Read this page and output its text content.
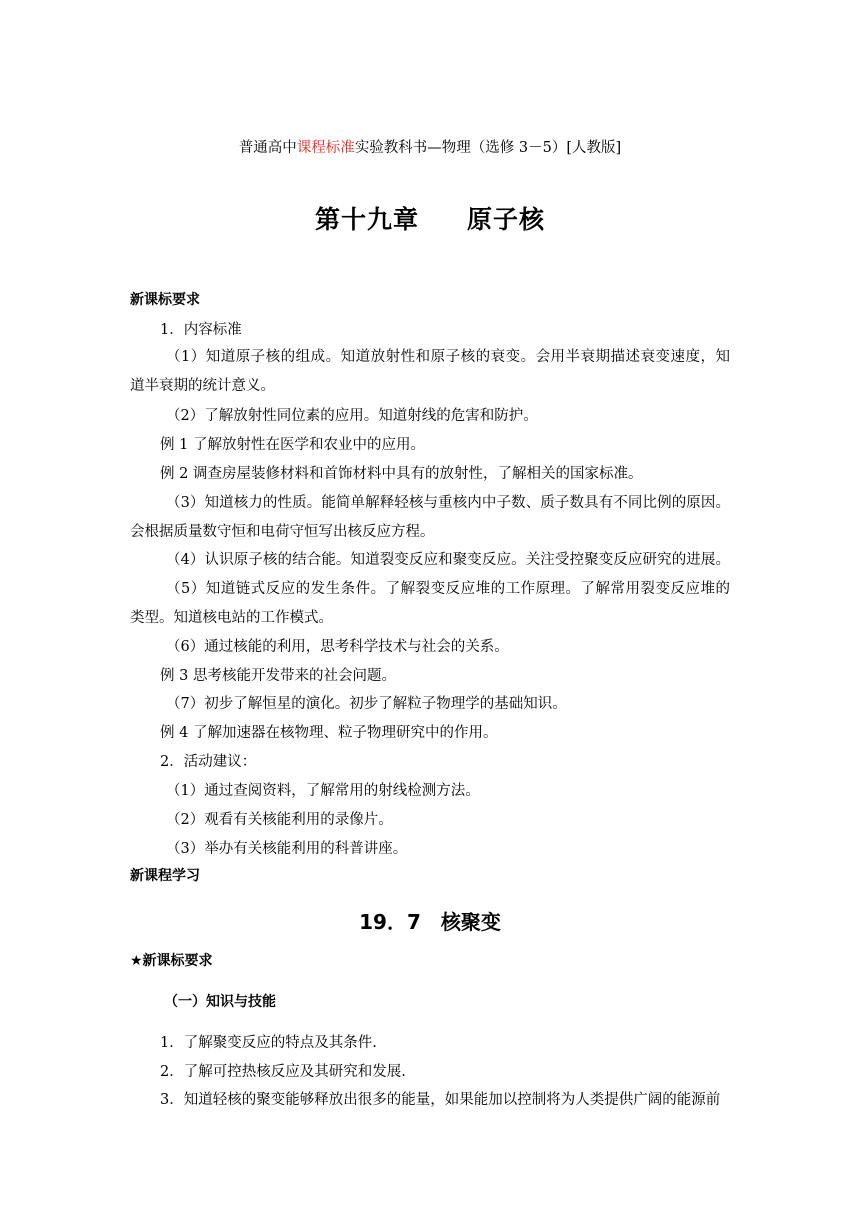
普通高中课程标准实验教科书—物理（选修 3－5）[人教版]
第十九章 原子核
新课标要求
1．内容标准
（1）知道原子核的组成。知道放射性和原子核的衰变。会用半衰期描述衰变速度，知
道半衰期的统计意义。
（2）了解放射性同位素的应用。知道射线的危害和防护。
例 1 了解放射性在医学和农业中的应用。
例 2 调查房屋装修材料和首饰材料中具有的放射性，了解相关的国家标准。
（3）知道核力的性质。能简单解释轻核与重核内中子数、质子数具有不同比例的原因。
会根据质量数守恒和电荷守恒写出核反应方程。
（4）认识原子核的结合能。知道裂变反应和聚变反应。关注受控聚变反应研究的进展。
（5）知道链式反应的发生条件。了解裂变反应堆的工作原理。了解常用裂变反应堆的
类型。知道核电站的工作模式。
（6）通过核能的利用，思考科学技术与社会的关系。
例 3 思考核能开发带来的社会问题。
（7）初步了解恒星的演化。初步了解粒子物理学的基础知识。
例 4 了解加速器在核物理、粒子物理研究中的作用。
2．活动建议：
（1）通过查阅资料，了解常用的射线检测方法。
（2）观看有关核能利用的录像片。
（3）举办有关核能利用的科普讲座。
新课程学习
19．7 核聚变
★新课标要求
（一）知识与技能
1．了解聚变反应的特点及其条件.
2．了解可控热核反应及其研究和发展.
3．知道轻核的聚变能够释放出很多的能量，如果能加以控制将为人类提供广阔的能源前
